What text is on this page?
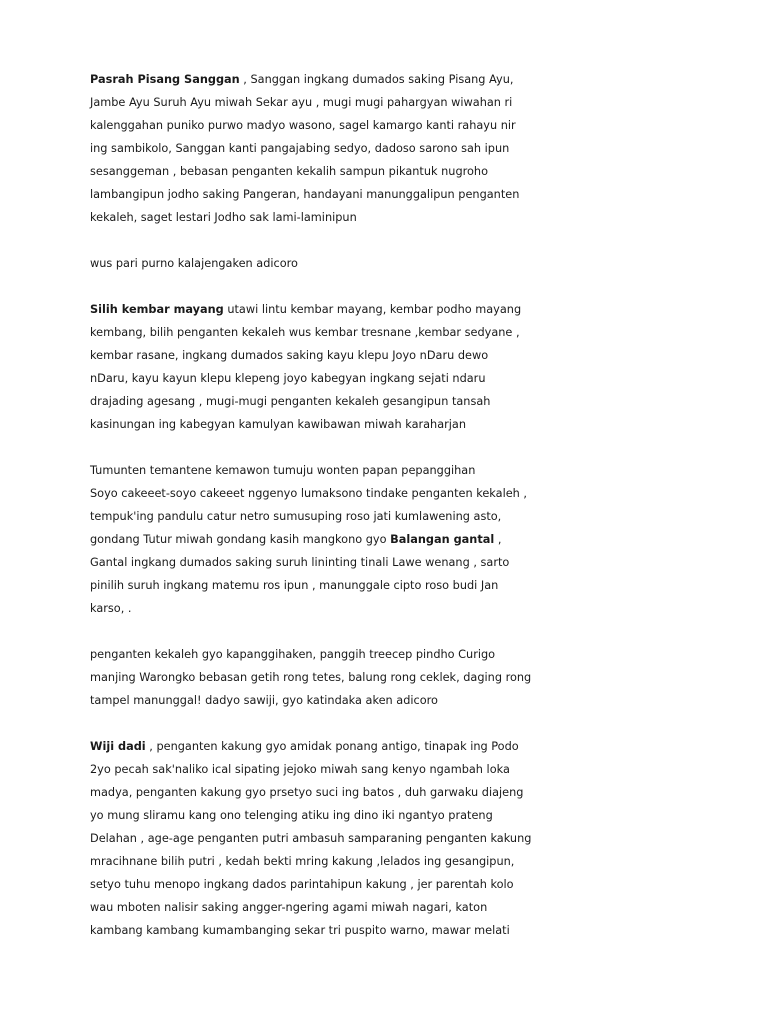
Pasrah Pisang Sanggan , Sanggan ingkang dumados saking Pisang Ayu,
Jambe Ayu Suruh Ayu miwah Sekar ayu , mugi mugi pahargyan wiwahan ri
kalenggahan puniko purwo madyo wasono, sagel kamargo kanti rahayu nir
ing sambikolo, Sanggan kanti pangajabing sedyo, dadoso sarono sah ipun
sesanggeman , bebasan penganten kekalih sampun pikantuk nugroho
lambangipun jodho saking Pangeran, handayani manunggalipun penganten
kekaleh, saget lestari Jodho sak lami-laminipun
wus pari purno kalajengaken adicoro
Silih kembar mayang utawi lintu kembar mayang, kembar podho mayang
kembang, bilih penganten kekaleh wus kembar tresnane ,kembar sedyane ,
kembar rasane, ingkang dumados saking kayu klepu Joyo nDaru dewo
nDaru, kayu kayun klepu klepeng joyo kabegyan ingkang sejati ndaru
drajading agesang , mugi-mugi penganten kekaleh gesangipun tansah
kasinungan ing kabegyan kamulyan kawibawan miwah karaharjan
Tumunten temantene kemawon tumuju wonten papan pepanggihan
Soyo cakeeet-soyo cakeeet nggenyo lumaksono tindake penganten kekaleh ,
tempuk'ing pandulu catur netro sumusuping roso jati kumlawening asto,
gondang Tutur miwah gondang kasih mangkono gyo Balangan gantal ,
Gantal ingkang dumados saking suruh lininting tinali Lawe wenang , sarto
pinilih suruh ingkang matemu ros ipun , manunggale cipto roso budi Jan
karso, .
penganten kekaleh gyo kapanggihaken, panggih treecep pindho Curigo
manjing Warongko bebasan getih rong tetes, balung rong ceklek, daging rong
tampel manunggal! dadyo sawiji, gyo katindaka aken adicoro
Wiji dadi , penganten kakung gyo amidak ponang antigo, tinapak ing Podo
2yo pecah sak'naliko ical sipating jejoko miwah sang kenyo ngambah loka
madya, penganten kakung gyo prsetyo suci ing batos , duh garwaku diajeng
yo mung sliramu kang ono telenging atiku ing dino iki ngantyo prateng
Delahan , age-age penganten putri ambasuh samparaning penganten kakung
mracihnane bilih putri , kedah bekti mring kakung ,lelados ing gesangipun,
setyo tuhu menopo ingkang dados parintahipun kakung , jer parentah kolo
wau mboten nalisir saking angger-ngering agami miwah nagari, katon
kambang kambang kumambanging sekar tri puspito warno, mawar melati
